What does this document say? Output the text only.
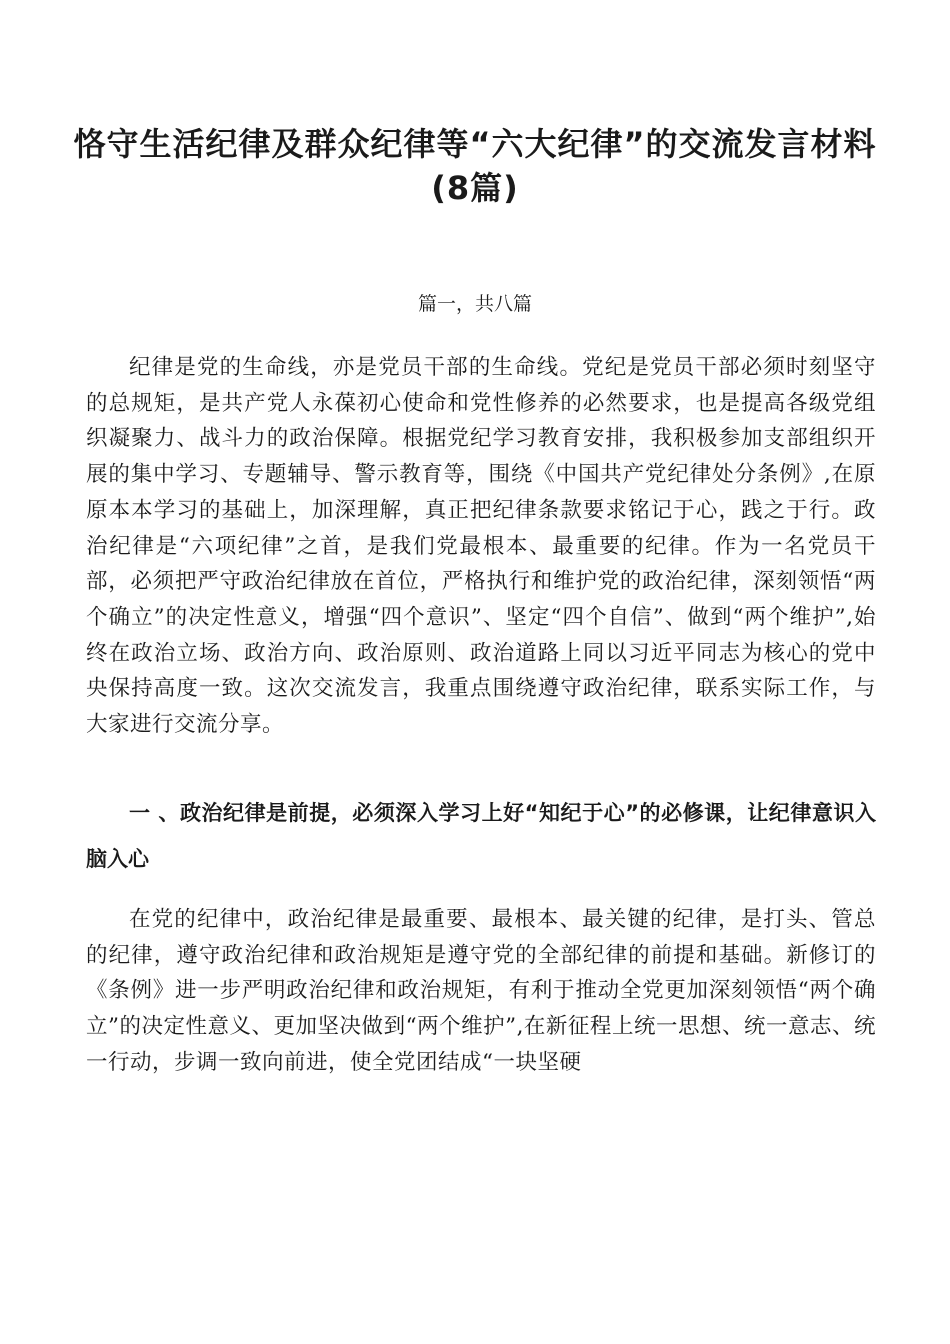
恪守生活纪律及群众纪律等“六大纪律”的交流发言材料(8篇)

篇一，共八篇

纪律是党的生命线，亦是党员干部的生命线。党纪是党员干部必须时刻坚守的总规矩，是共产党人永葆初心使命和党性修养的必然要求，也是提高各级党组织凝聚力、战斗力的政治保障。根据党纪学习教育安排，我积极参加支部组织开展的集中学习、专题辅导、警示教育等，围绕《中国共产党纪律处分条例》,在原原本本学习的基础上，加深理解，真正把纪律条款要求铭记于心，践之于行。政治纪律是“六项纪律”之首，是我们党最根本、最重要的纪律。作为一名党员干部，必须把严守政治纪律放在首位，严格执行和维护党的政治纪律，深刻领悟“两个确立”的决定性意义，增强“四个意识”、坚定“四个自信”、做到“两个维护”,始终在政治立场、政治方向、政治原则、政治道路上同以习近平同志为核心的党中央保持高度一致。这次交流发言，我重点围绕遵守政治纪律，联系实际工作，与大家进行交流分享。

一 、政治纪律是前提，必须深入学习上好“知纪于心”的必修课，让纪律意识入脑入心

在党的纪律中，政治纪律是最重要、最根本、最关键的纪律，是打头、管总的纪律，遵守政治纪律和政治规矩是遵守党的全部纪律的前提和基础。新修订的《条例》进一步严明政治纪律和政治规矩，有利于推动全党更加深刻领悟“两个确立”的决定性意义、更加坚决做到“两个维护”,在新征程上统一思想、统一意志、统一行动，步调一致向前进，使全党团结成“一块坚硬
